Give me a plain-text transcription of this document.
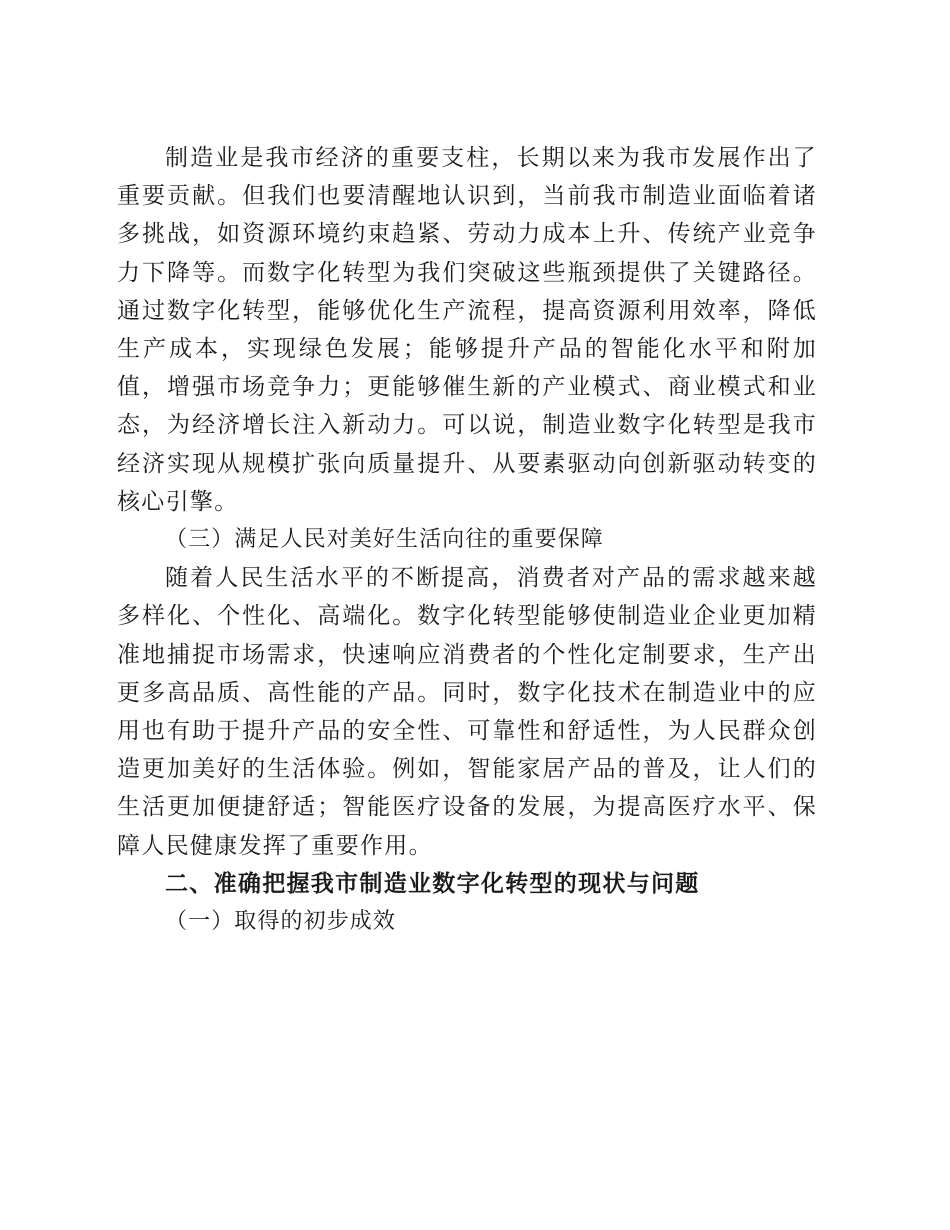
制造业是我市经济的重要支柱，长期以来为我市发展作出了重要贡献。但我们也要清醒地认识到，当前我市制造业面临着诸多挑战，如资源环境约束趋紧、劳动力成本上升、传统产业竞争力下降等。而数字化转型为我们突破这些瓶颈提供了关键路径。通过数字化转型，能够优化生产流程，提高资源利用效率，降低生产成本，实现绿色发展；能够提升产品的智能化水平和附加值，增强市场竞争力；更能够催生新的产业模式、商业模式和业态，为经济增长注入新动力。可以说，制造业数字化转型是我市经济实现从规模扩张向质量提升、从要素驱动向创新驱动转变的核心引擎。

（三）满足人民对美好生活向往的重要保障

随着人民生活水平的不断提高，消费者对产品的需求越来越多样化、个性化、高端化。数字化转型能够使制造业企业更加精准地捕捉市场需求，快速响应消费者的个性化定制要求，生产出更多高品质、高性能的产品。同时，数字化技术在制造业中的应用也有助于提升产品的安全性、可靠性和舒适性，为人民群众创造更加美好的生活体验。例如，智能家居产品的普及，让人们的生活更加便捷舒适；智能医疗设备的发展，为提高医疗水平、保障人民健康发挥了重要作用。

二、准确把握我市制造业数字化转型的现状与问题

（一）取得的初步成效
